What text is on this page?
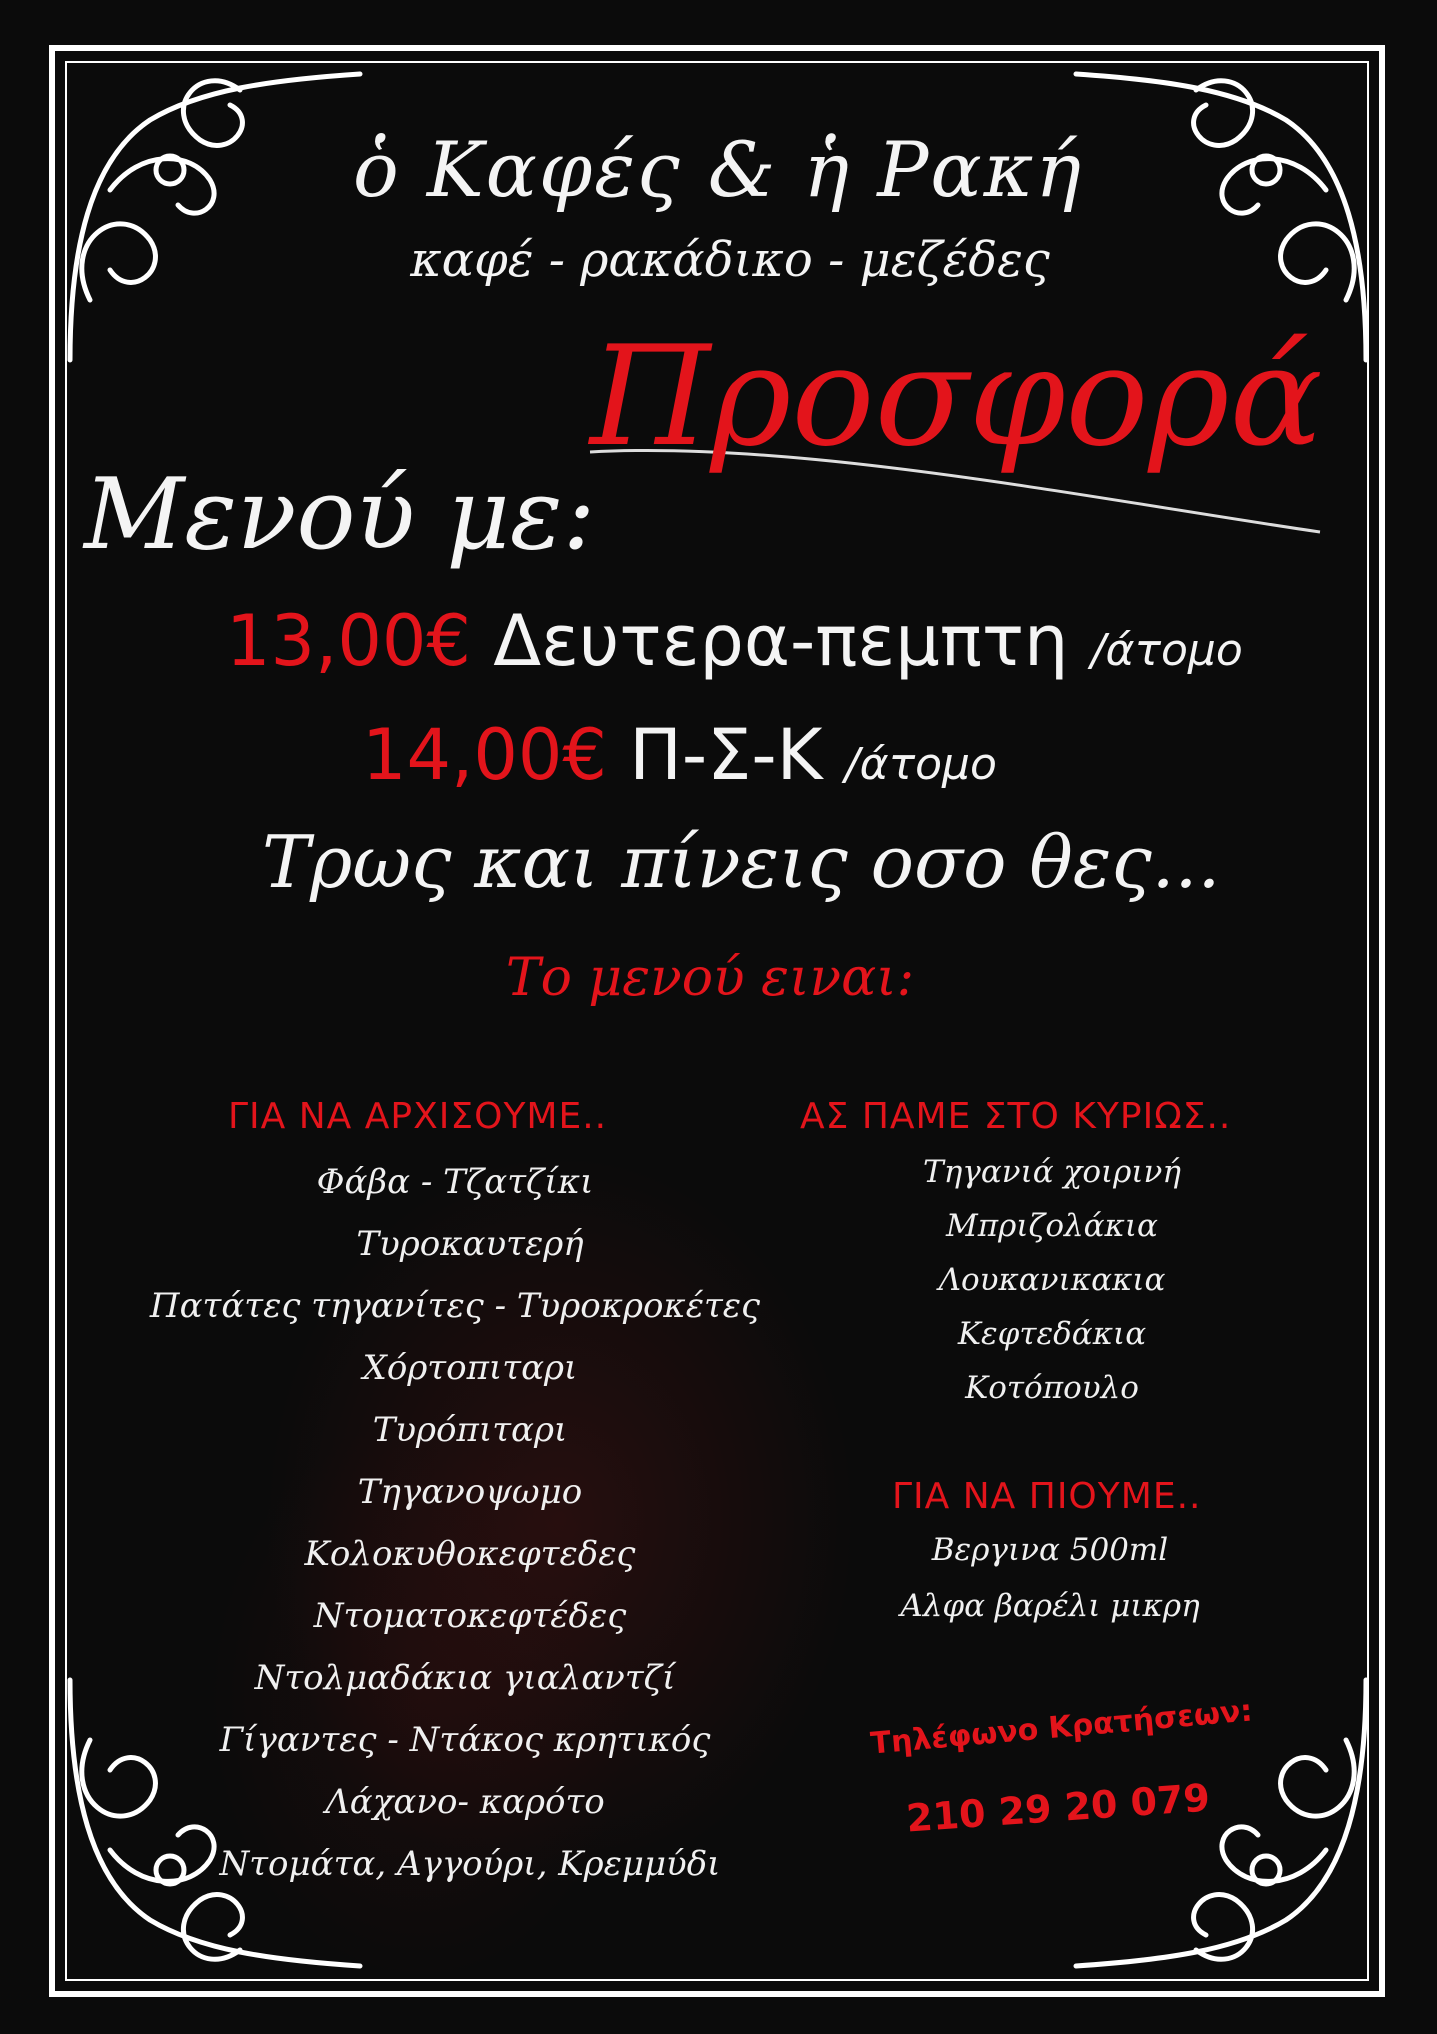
ὁ Καφές & ἡ Ρακή
καφέ - ρακάδικο - μεζέδες
Προσφορά
Μενού με:
13,00€ Δευτερα-πεμπτη /άτομο
14,00€ Π-Σ-Κ /άτομο
Τρως και πίνεις οσο θες...
Το μενού ειναι:
ΓΙΑ ΝΑ ΑΡΧΙΣΟΥΜΕ..
Φάβα - Τζατζίκι
Τυροκαυτερή
Πατάτες τηγανίτες - Τυροκροκέτες
Χόρτοπιταρι
Τυρόπιταρι
Τηγανοψωμο
Κολοκυθοκεφτεδες
Ντοματοκεφτέδες
Ντολμαδάκια γιαλαντζί
Γίγαντες - Ντάκος κρητικός
Λάχανο- καρότο
Ντομάτα, Αγγούρι, Κρεμμύδι
ΑΣ ΠΑΜΕ ΣΤΟ ΚΥΡΙΩΣ..
Τηγανιά χοιρινή
Μπριζολάκια
Λουκανικακια
Κεφτεδάκια
Κοτόπουλο
ΓΙΑ ΝΑ ΠΙΟΥΜΕ..
Βεργινα 500ml
Αλφα βαρέλι μικρη
Τηλέφωνο Κρατήσεων:
210 29 20 079
